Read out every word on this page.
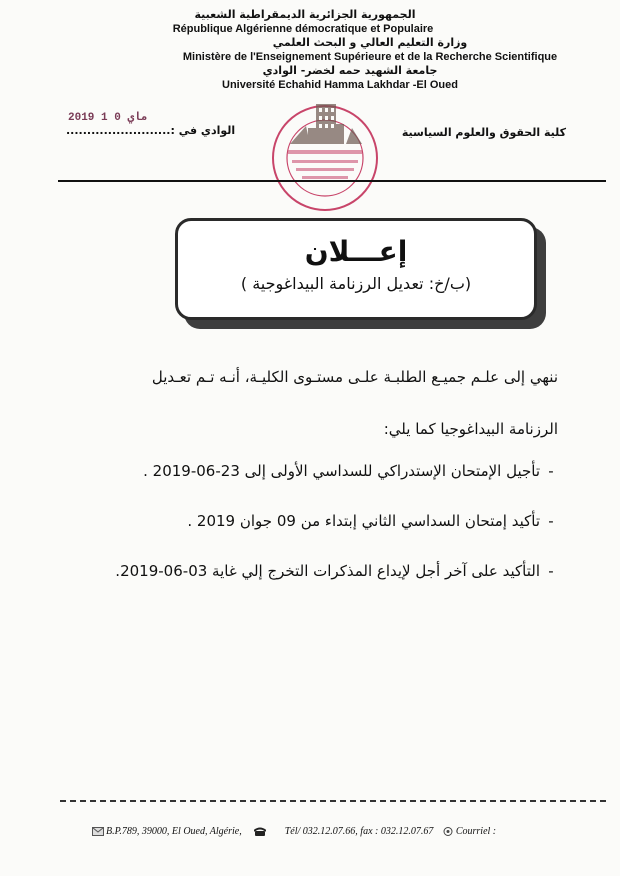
الجمهورية الجزائرية الديمقراطية الشعبية
République Algérienne démocratique et Populaire
وزارة التعليم العالي و البحث العلمي
Ministère de l'Enseignement Supérieure et de la Recherche Scientifique
جامعة الشهيد حمه لخضر- الوادي
Université Echahid Hamma Lakhdar -El Oued
2019 ماي 0 1
الوادي في :.........................	كلية الحقوق والعلوم السياسية
إعـــلان
(ب/خ: تعديل الرزنامة البيداغوجية )
ننهي إلى علـم جميـع الطلبـة علـى مستـوى الكليـة، أنـه تـم تعـديل
الرزنامة البيداغوجيا كما يلي:
-تأجيل الإمتحان الإستدراكي للسداسي الأولى إلى 23-06-2019 .
-تأكيد إمتحان السداسي الثاني إبتداء من 09 جوان 2019 .
-التأكيد على آخر أجل لإيداع المذكرات التخرج إلي غاية 03-06-2019.
B.P.789, 39000, El Oued, Algérie,	Tél/ 032.12.07.66, fax : 032.12.07.67 Courriel :
